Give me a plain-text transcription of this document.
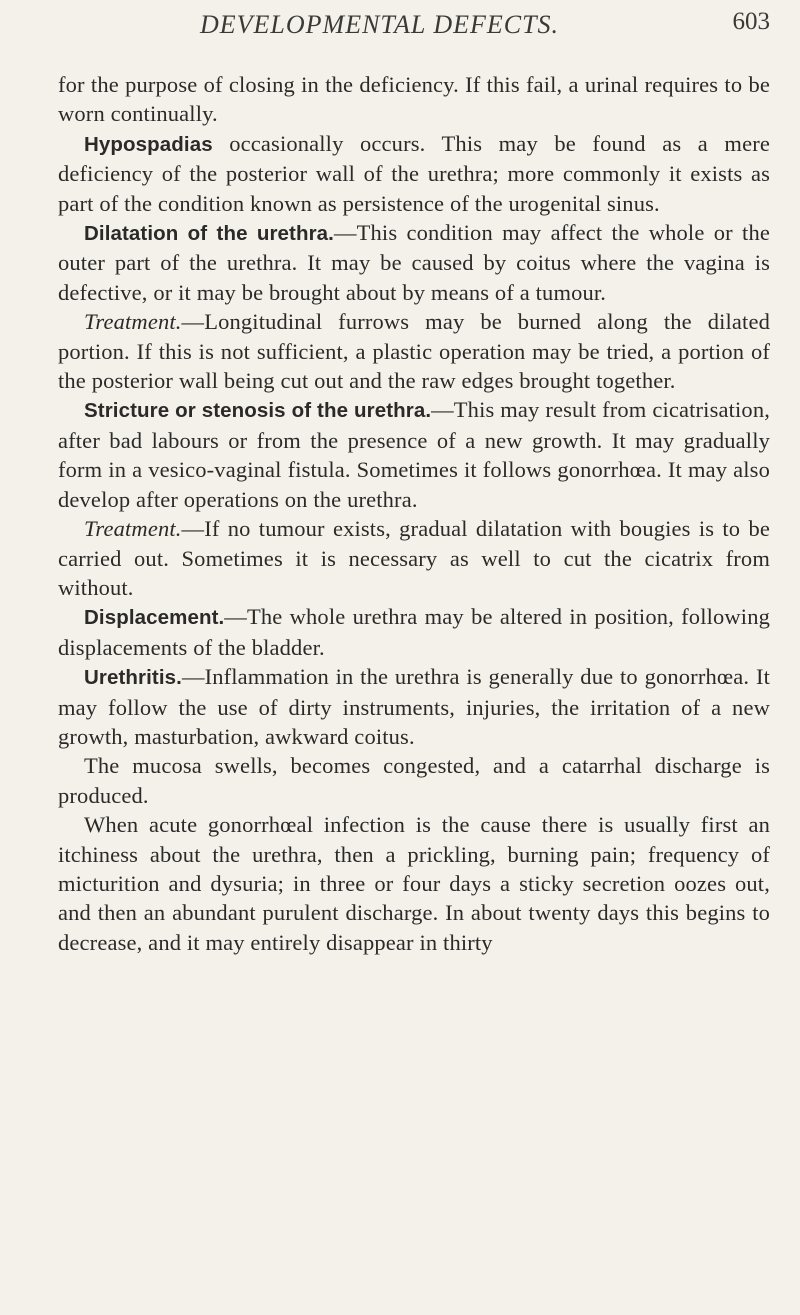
DEVELOPMENTAL DEFECTS.	603

for the purpose of closing in the deficiency. If this fail, a urinal requires to be worn continually.

Hypospadias occasionally occurs. This may be found as a mere deficiency of the posterior wall of the urethra; more commonly it exists as part of the condition known as persistence of the urogenital sinus.

Dilatation of the urethra.—This condition may affect the whole or the outer part of the urethra. It may be caused by coitus where the vagina is defective, or it may be brought about by means of a tumour.

Treatment.—Longitudinal furrows may be burned along the dilated portion. If this is not sufficient, a plastic operation may be tried, a portion of the posterior wall being cut out and the raw edges brought together.

Stricture or stenosis of the urethra.—This may result from cicatrisation, after bad labours or from the presence of a new growth. It may gradually form in a vesico-vaginal fistula. Sometimes it follows gonorrhœa. It may also develop after operations on the urethra.

Treatment.—If no tumour exists, gradual dilatation with bougies is to be carried out. Sometimes it is necessary as well to cut the cicatrix from without.

Displacement.—The whole urethra may be altered in position, following displacements of the bladder.

Urethritis.—Inflammation in the urethra is generally due to gonorrhœa. It may follow the use of dirty instruments, injuries, the irritation of a new growth, masturbation, awkward coitus.

The mucosa swells, becomes congested, and a catarrhal discharge is produced.

When acute gonorrhœal infection is the cause there is usually first an itchiness about the urethra, then a prickling, burning pain; frequency of micturition and dysuria; in three or four days a sticky secretion oozes out, and then an abundant purulent discharge. In about twenty days this begins to decrease, and it may entirely disappear in thirty
